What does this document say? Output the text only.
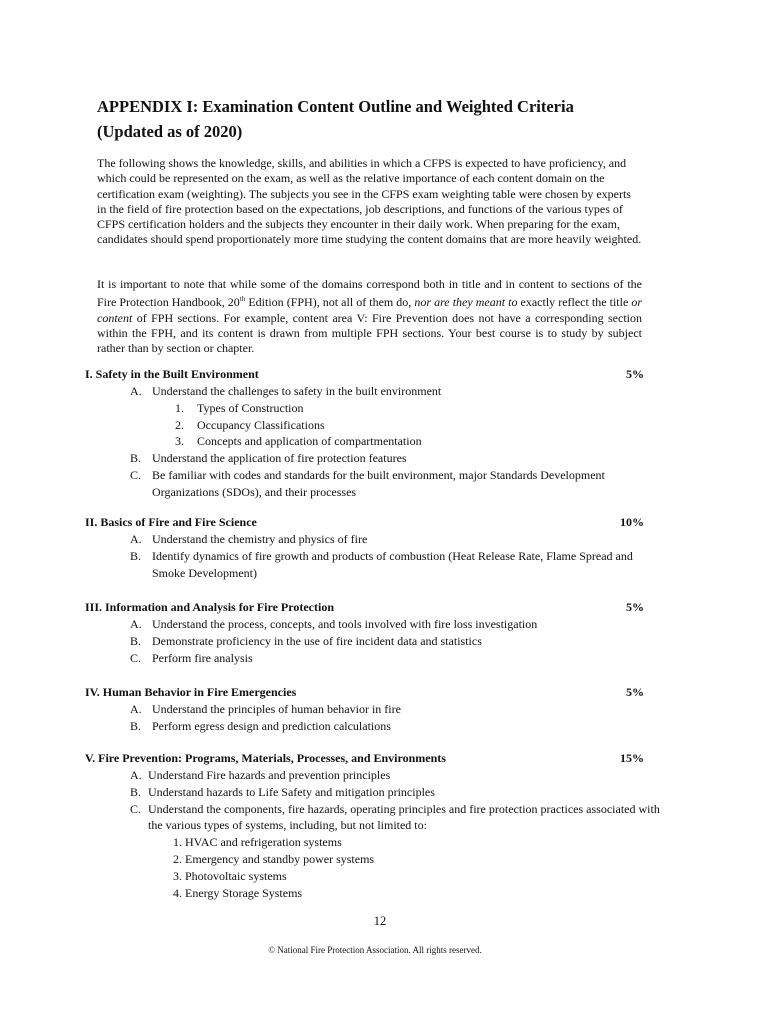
APPENDIX I: Examination Content Outline and Weighted Criteria
(Updated as of 2020)

The following shows the knowledge, skills, and abilities in which a CFPS is expected to have proficiency, and which could be represented on the exam, as well as the relative importance of each content domain on the certification exam (weighting). The subjects you see in the CFPS exam weighting table were chosen by experts in the field of fire protection based on the expectations, job descriptions, and functions of the various types of CFPS certification holders and the subjects they encounter in their daily work. When preparing for the exam, candidates should spend proportionately more time studying the content domains that are more heavily weighted.

It is important to note that while some of the domains correspond both in title and in content to sections of the Fire Protection Handbook, 20th Edition (FPH), not all of them do, nor are they meant to exactly reflect the title or content of FPH sections. For example, content area V: Fire Prevention does not have a corresponding section within the FPH, and its content is drawn from multiple FPH sections. Your best course is to study by subject rather than by section or chapter.

I. Safety in the Built Environment	5%
A. Understand the challenges to safety in the built environment
1. Types of Construction
2. Occupancy Classifications
3. Concepts and application of compartmentation
B. Understand the application of fire protection features
C. Be familiar with codes and standards for the built environment, major Standards Development Organizations (SDOs), and their processes
II. Basics of Fire and Fire Science	10%
A. Understand the chemistry and physics of fire
B. Identify dynamics of fire growth and products of combustion (Heat Release Rate, Flame Spread and Smoke Development)
III. Information and Analysis for Fire Protection	5%
A. Understand the process, concepts, and tools involved with fire loss investigation
B. Demonstrate proficiency in the use of fire incident data and statistics
C. Perform fire analysis
IV. Human Behavior in Fire Emergencies	5%
A. Understand the principles of human behavior in fire
B. Perform egress design and prediction calculations
V. Fire Prevention: Programs, Materials, Processes, and Environments	15%
A. Understand Fire hazards and prevention principles
B. Understand hazards to Life Safety and mitigation principles
C. Understand the components, fire hazards, operating principles and fire protection practices associated with the various types of systems, including, but not limited to:
1. HVAC and refrigeration systems
2. Emergency and standby power systems
3. Photovoltaic systems
4. Energy Storage Systems
12
© National Fire Protection Association. All rights reserved.
